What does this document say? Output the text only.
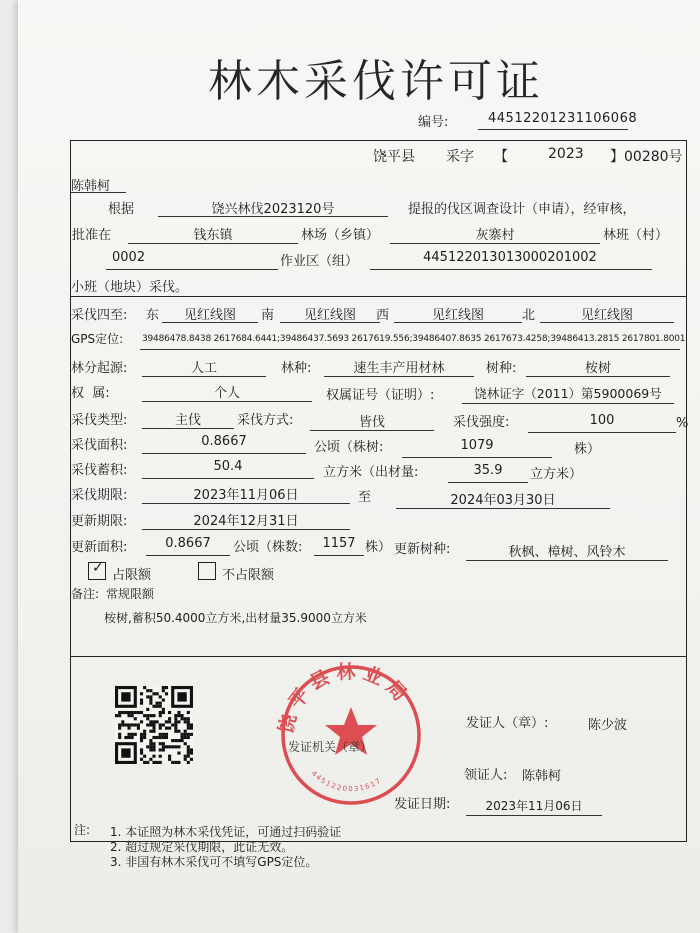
林木采伐许可证
编号:	44512201231106068
饶平县 采字 【	2023 】 00280号
陈韩柯
根据	饶兴林伐2023120号	提报的伐区调查设计（申请），经审核，
批准在	钱东镇	林场（乡镇）	灰寨村	林班（村）
0002	作业区（组）	445122013013000201002
小班（地块）采伐。
采伐四至: 东	见红线图	南	见红线图	西	见红线图	北	见红线图
GPS定位: 39486478.8438 2617684.6441;39486437.5693 2617619.556;39486407.8635 2617673.4258;39486413.2815 2617801.8001
林分起源:	人工	林种:	速生丰产用材林	树种:	桉树
权  属:	个人	权属证号（证明）:	饶林证字（2011）第5900069号
采伐类型:	主伐	采伐方式:	皆伐	采伐强度:	100	%
采伐面积:	0.8667	公顷（株树:	1079	株）
采伐蓄积:	50.4	立方米（出材量:	35.9	立方米）
采伐期限:	2023年11月06日	至	2024年03月30日
更新期限:	2024年12月31日
更新面积:	0.8667	公顷（株数:	1157 株） 更新树种:	秋枫、樟树、风铃木
✓ 占限额	不占限额
备注: 常规限额
桉树,蓄积50.4000立方米,出材量35.9000立方米
饶平县林业局
4451220031617
发证机关（章）
发证人（章）:	陈少波
领证人: 陈韩柯
发证日期:	2023年11月06日
注: 1. 本证照为林木采伐凭证，可通过扫码验证
2. 超过规定采伐期限，此证无效。
3. 非国有林木采伐可不填写GPS定位。
